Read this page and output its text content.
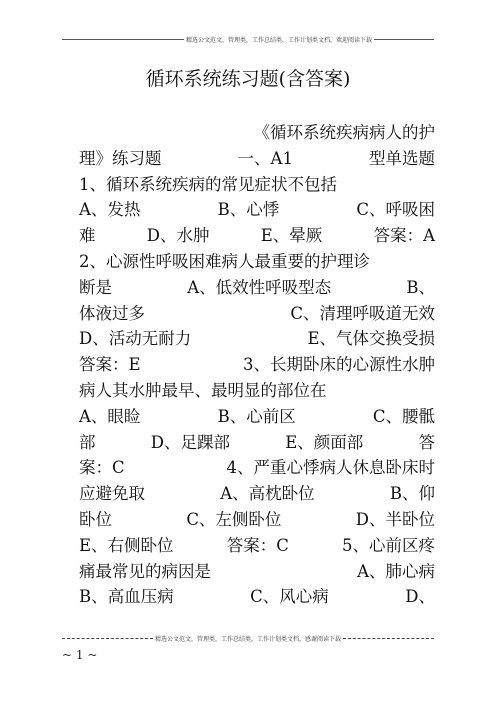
精选公文范文，管理类，工作总结类，工作计划类文档，欢迎阅读下载
循环系统练习题(含答案)
《循环系统疾病病人的护
理》练习题	一、A1	型单选题
1、循环系统疾病的常见症状不包括
A、发热	B、心悸	C、呼吸困
难	D、水肿	E、晕厥	答案：A
2、心源性呼吸困难病人最重要的护理诊
断是	A、低效性呼吸型态	B、
体液过多	C、清理呼吸道无效
D、活动无耐力	E、气体交换受损
答案：E	3、长期卧床的心源性水肿
病人其水肿最早、最明显的部位在
A、眼睑	B、心前区	C、腰骶
部	D、足踝部	E、颜面部	答
案：C	4、严重心悸病人休息卧床时
应避免取	A、高枕卧位	B、仰
卧位	C、左侧卧位	D、半卧位
E、右侧卧位	答案：C	5、心前区疼
痛最常见的病因是	A、肺心病
B、高血压病	C、风心病	D、
精选公文范文，管理类，工作总结类，工作计划类文档，感谢阅读下载
~ 1 ~
